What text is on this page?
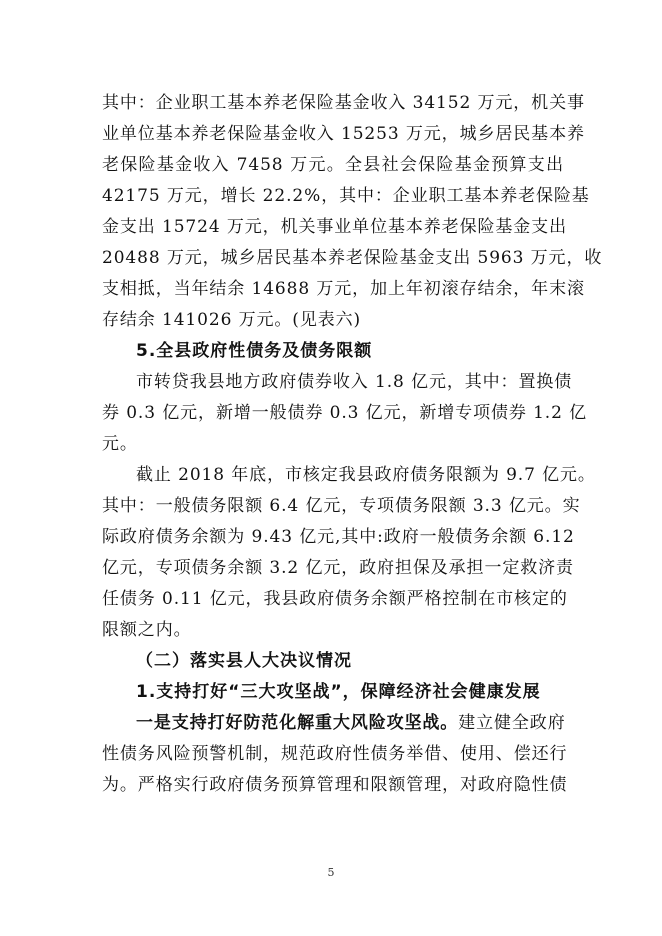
其中：企业职工基本养老保险基金收入 34152 万元，机关事
业单位基本养老保险基金收入 15253 万元，城乡居民基本养
老保险基金收入 7458 万元。全县社会保险基金预算支出
42175 万元，增长 22.2%，其中：企业职工基本养老保险基
金支出 15724 万元，机关事业单位基本养老保险基金支出
20488 万元，城乡居民基本养老保险基金支出 5963 万元，收
支相抵，当年结余 14688 万元，加上年初滚存结余，年末滚
存结余 141026 万元。(见表六)
5.全县政府性债务及债务限额
市转贷我县地方政府债券收入 1.8 亿元，其中：置换债
券 0.3 亿元，新增一般债券 0.3 亿元，新增专项债券 1.2 亿
元。
截止 2018 年底，市核定我县政府债务限额为 9.7 亿元。
其中：一般债务限额 6.4 亿元，专项债务限额 3.3 亿元。实
际政府债务余额为 9.43 亿元,其中:政府一般债务余额 6.12
亿元，专项债务余额 3.2 亿元，政府担保及承担一定救济责
任债务 0.11 亿元，我县政府债务余额严格控制在市核定的
限额之内。
（二）落实县人大决议情况
1.支持打好“三大攻坚战”，保障经济社会健康发展
一是支持打好防范化解重大风险攻坚战。建立健全政府
性债务风险预警机制，规范政府性债务举借、使用、偿还行
为。严格实行政府债务预算管理和限额管理，对政府隐性债
5
